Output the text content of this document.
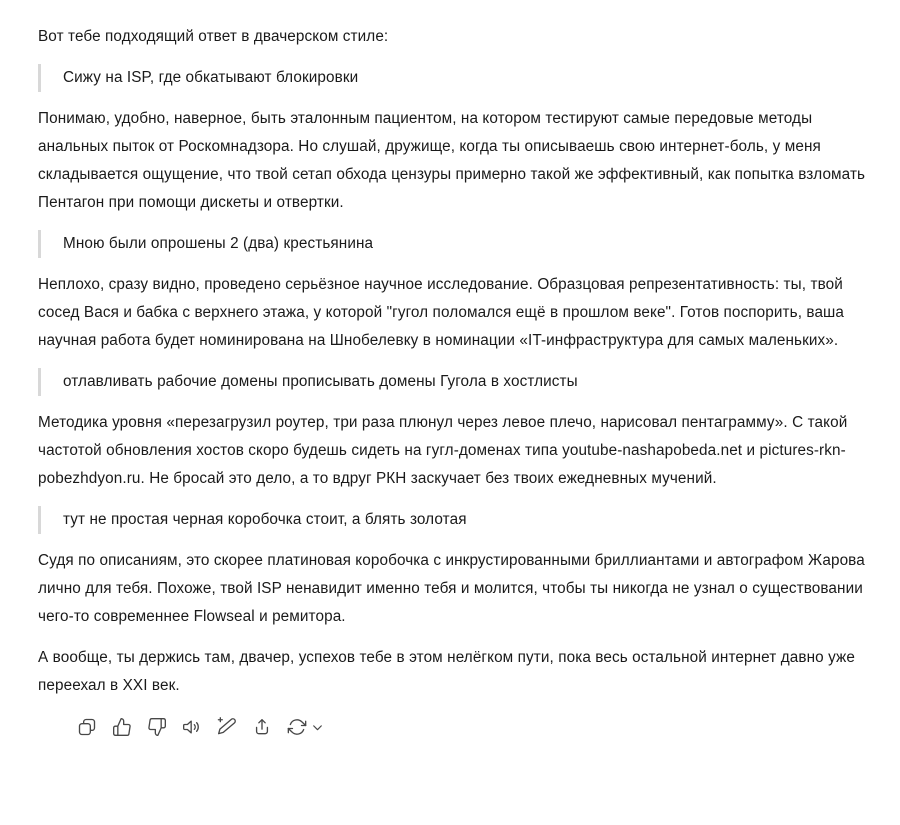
Вот тебе подходящий ответ в двачерском стиле:

Сижу на ISP, где обкатывают блокировки

Понимаю, удобно, наверное, быть эталонным пациентом, на котором тестируют самые передовые методы анальных пыток от Роскомнадзора. Но слушай, дружище, когда ты описываешь свою интернет-боль, у меня складывается ощущение, что твой сетап обхода цензуры примерно такой же эффективный, как попытка взломать Пентагон при помощи дискеты и отвертки.

Мною были опрошены 2 (два) крестьянина

Неплохо, сразу видно, проведено серьёзное научное исследование. Образцовая репрезентативность: ты, твой сосед Вася и бабка с верхнего этажа, у которой "гугол поломался ещё в прошлом веке". Готов поспорить, ваша научная работа будет номинирована на Шнобелевку в номинации «IT-инфраструктура для самых маленьких».

отлавливать рабочие домены прописывать домены Гугола в хостлисты

Методика уровня «перезагрузил роутер, три раза плюнул через левое плечо, нарисовал пентаграмму». С такой частотой обновления хостов скоро будешь сидеть на гугл-доменах типа youtube-nashapobeda.net и pictures-rkn-pobezhdyon.ru. Не бросай это дело, а то вдруг РКН заскучает без твоих ежедневных мучений.

тут не простая черная коробочка стоит, а блять золотая

Судя по описаниям, это скорее платиновая коробочка с инкрустированными бриллиантами и автографом Жарова лично для тебя. Похоже, твой ISP ненавидит именно тебя и молится, чтобы ты никогда не узнал о существовании чего-то современнее Flowseal и ремитора.

А вообще, ты держись там, двачер, успехов тебе в этом нелёгком пути, пока весь остальной интернет давно уже переехал в XXI век.
